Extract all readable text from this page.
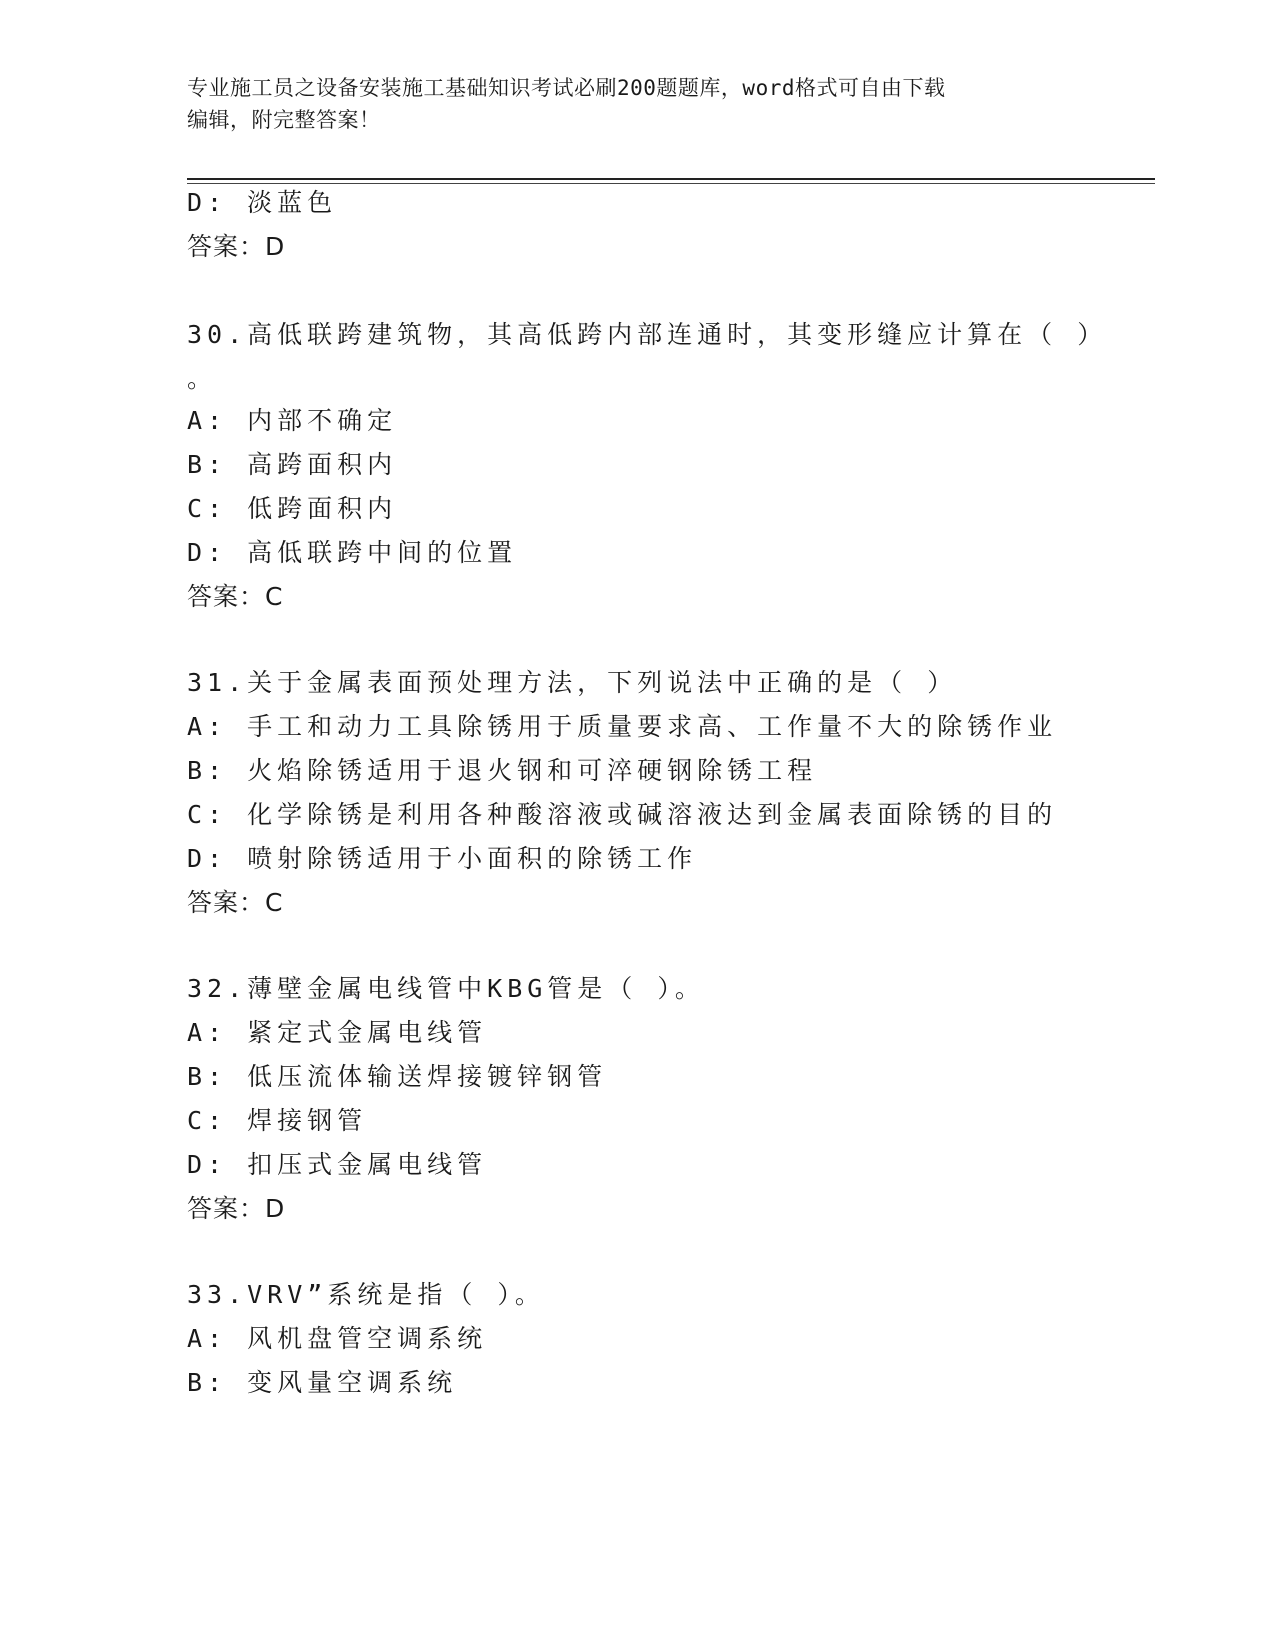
专业施工员之设备安装施工基础知识考试必刷200题题库，word格式可自由下载
编辑，附完整答案！
D: 淡蓝色
答案：D
30.高低联跨建筑物，其高低跨内部连通时，其变形缝应计算在（ ）
。
A: 内部不确定
B: 高跨面积内
C: 低跨面积内
D: 高低联跨中间的位置
答案：C
31.关于金属表面预处理方法，下列说法中正确的是（ ）
A: 手工和动力工具除锈用于质量要求高、工作量不大的除锈作业
B: 火焰除锈适用于退火钢和可淬硬钢除锈工程
C: 化学除锈是利用各种酸溶液或碱溶液达到金属表面除锈的目的
D: 喷射除锈适用于小面积的除锈工作
答案：C
32.薄壁金属电线管中KBG管是（ ）。
A: 紧定式金属电线管
B: 低压流体输送焊接镀锌钢管
C: 焊接钢管
D: 扣压式金属电线管
答案：D
33.VRV”系统是指（ ）。
A: 风机盘管空调系统
B: 变风量空调系统
